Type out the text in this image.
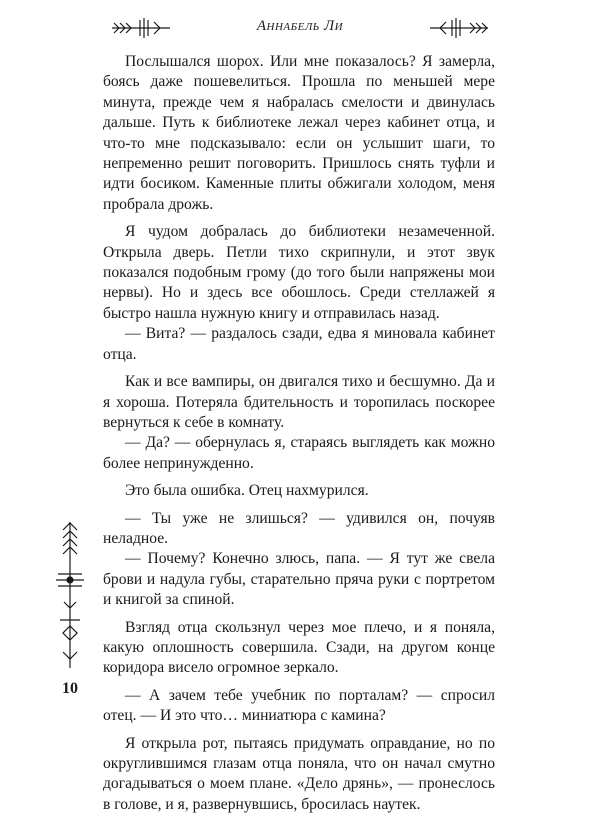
Аннабель Ли

Послышался шорох. Или мне показалось? Я замерла, боясь даже пошевелиться. Прошла по меньшей мере минута, прежде чем я набралась смелости и двинулась дальше. Путь к библиотеке лежал через кабинет отца, и что-то мне подсказывало: если он услышит шаги, то непременно решит поговорить. Пришлось снять туфли и идти босиком. Каменные плиты обжигали холодом, меня пробрала дрожь.

Я чудом добралась до библиотеки незамеченной. Открыла дверь. Петли тихо скрипнули, и этот звук показался подобным грому (до того были напряжены мои нервы). Но и здесь все обошлось. Среди стеллажей я быстро нашла нужную книгу и отправилась назад.

— Вита? — раздалось сзади, едва я миновала кабинет отца.

Как и все вампиры, он двигался тихо и бесшумно. Да и я хороша. Потеряла бдительность и торопилась поскорее вернуться к себе в комнату.

— Да? — обернулась я, стараясь выглядеть как можно более непринужденно.

Это была ошибка. Отец нахмурился.

— Ты уже не злишься? — удивился он, почуяв неладное.

— Почему? Конечно злюсь, папа. — Я тут же свела брови и надула губы, старательно пряча руки с портретом и книгой за спиной.

Взгляд отца скользнул через мое плечо, и я поняла, какую оплошность совершила. Сзади, на другом конце коридора висело огромное зеркало.

— А зачем тебе учебник по порталам? — спросил отец. — И это что… миниатюра с камина?

Я открыла рот, пытаясь придумать оправдание, но по округлившимся глазам отца поняла, что он начал смутно догадываться о моем плане. «Дело дрянь», — пронеслось в голове, и я, развернувшись, бросилась наутек.

10
